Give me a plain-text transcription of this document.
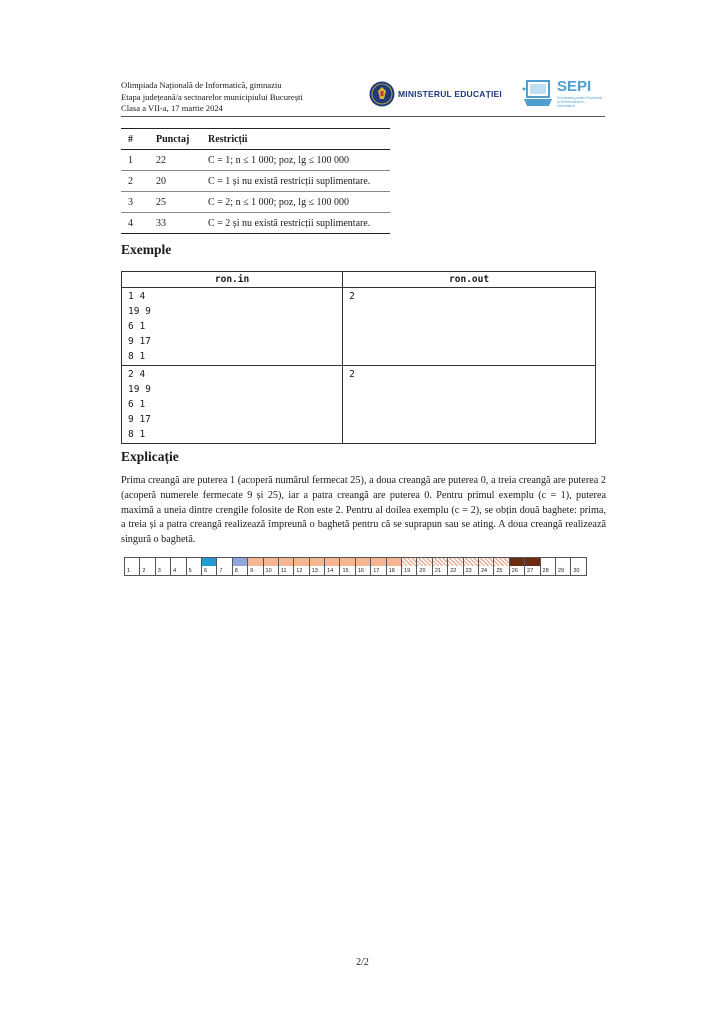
Olimpiada Națională de Informatică, gimnaziu
Etapa județeană/a sectoarelor municipiului București
Clasa a VII-a, 17 martie 2024
MINISTERUL EDUCAȚIEI	SEPI
Societatea pentru Excelență și Performanță în Informatică
#	Punctaj	Restricții
1	22	C = 1; n ≤ 1 000; poz, lg ≤ 100 000
2	20	C = 1 și nu există restricții suplimentare.
3	25	C = 2; n ≤ 1 000; poz, lg ≤ 100 000
4	33	C = 2 și nu există restricții suplimentare.
Exemple
ron.in	ron.out

1 4
19 9
6 1
9 17
8 1	2

2 4
19 9
6 1
9 17
8 1	2
Explicație
Prima creangă are puterea 1 (acoperă numărul fermecat 25), a doua creangă are puterea 0, a treia creangă are puterea 2 (acoperă numerele fermecate 9 și 25), iar a patra creangă are puterea 0. Pentru primul exemplu (c = 1), puterea maximă a uneia dintre crengile folosite de Ron este 2. Pentru al doilea exemplu (c = 2), se obțin două baghete: prima, a treia și a patra creangă realizează împreună o baghetă pentru că se suprapun sau se ating. A doua creangă realizează singură o baghetă.
1 2 3 4 5 6 7 8 9 10 11 12 13 14 15 16 17 18 19 20 21 22 23 24 25 26 27 28 29 30
2/2
